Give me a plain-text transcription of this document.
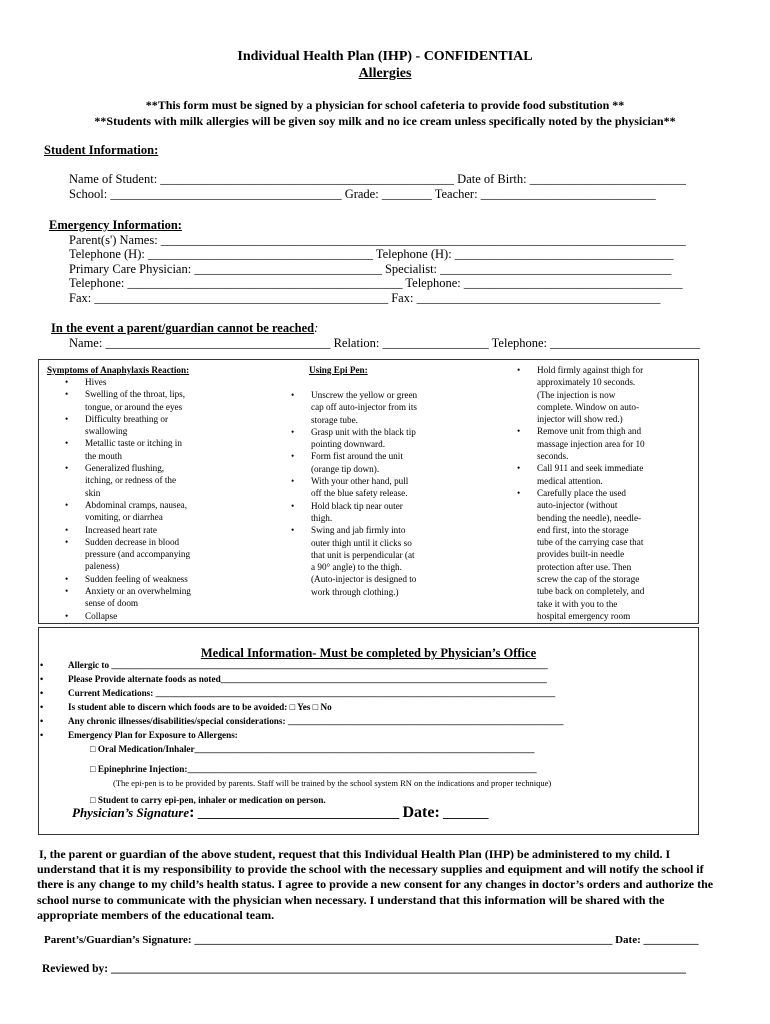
Individual Health Plan (IHP) - CONFIDENTIAL
Allergies
**This form must be signed by a physician for school cafeteria to provide food substitution **
**Students with milk allergies will be given soy milk and no ice cream unless specifically noted by the physician**
Student Information:
Name of Student: _______________________________________________ Date of Birth: _________________________
School: _____________________________________ Grade: ________ Teacher: ____________________________
Emergency Information:
Parent(s') Names: ____________________________________________________________________________________
Telephone (H): ____________________________________ Telephone (H): ___________________________________
Primary Care Physician: ______________________________ Specialist: _____________________________________
Telephone: ____________________________________________ Telephone: ___________________________________
Fax: _______________________________________________ Fax: _______________________________________
In the event a parent/guardian cannot be reached:
Name: ____________________________________ Relation: _________________ Telephone: ________________________
Symptoms of Anaphylaxis Reaction:
• Hives
• Swelling of the throat, lips,
tongue, or around the eyes
• Difficulty breathing or
swallowing
• Metallic taste or itching in
the mouth
• Generalized flushing,
itching, or redness of the
skin
• Abdominal cramps, nausea,
vomiting, or diarrhea
• Increased heart rate
• Sudden decrease in blood
pressure (and accompanying
paleness)
• Sudden feeling of weakness
• Anxiety or an overwhelming
sense of doom
• Collapse
Using Epi Pen:
• Unscrew the yellow or green
cap off auto-injector from its
storage tube.
• Grasp unit with the black tip
pointing downward.
• Form fist around the unit
(orange tip down).
• With your other hand, pull
off the blue safety release.
• Hold black tip near outer
thigh.
• Swing and jab firmly into
outer thigh until it clicks so
that unit is perpendicular (at
a 90° angle) to the thigh.
(Auto-injector is designed to
work through clothing.)
• Hold firmly against thigh for
approximately 10 seconds.
(The injection is now
complete. Window on auto-
injector will show red.)
• Remove unit from thigh and
massage injection area for 10
seconds.
• Call 911 and seek immediate
medical attention.
• Carefully place the used
auto-injector (without
bending the needle), needle-
end first, into the storage
tube of the carrying case that
provides built-in needle
protection after use. Then
screw the cap of the storage
tube back on completely, and
take it with you to the
hospital emergency room
Medical Information- Must be completed by Physician’s Office
•	Allergic to _______________________________________________________________________________________________
•	Please Provide alternate foods as noted_______________________________________________________________________
•	Current Medications: _______________________________________________________________________________________
•	Is student able to discern which foods are to be avoided: □ Yes □ No
•	Any chronic illnesses/disabilities/special considerations: ____________________________________________________________
•	Emergency Plan for Exposure to Allergens:
□ Oral Medication/Inhaler__________________________________________________________________________
□ Epinephrine Injection:____________________________________________________________________________
(The epi-pen is to be provided by parents. Staff will be trained by the school system RN on the indications and proper technique)
□ Student to carry epi-pen, inhaler or medication on person.
Physician’s Signature: _______________________________ Date: _______
I, the parent or guardian of the above student, request that this Individual Health Plan (IHP) be administered to my child. I understand that it is my responsibility to provide the school with the necessary supplies and equipment and will notify the school if there is any change to my child’s health status. I agree to provide a new consent for any changes in doctor’s orders and authorize the school nurse to communicate with the physician when necessary. I understand that this information will be shared with the appropriate members of the educational team.
Parent’s/Guardian’s Signature: ____________________________________________________________________________ Date: __________
Reviewed by: ____________________________________________________________________________________________________
